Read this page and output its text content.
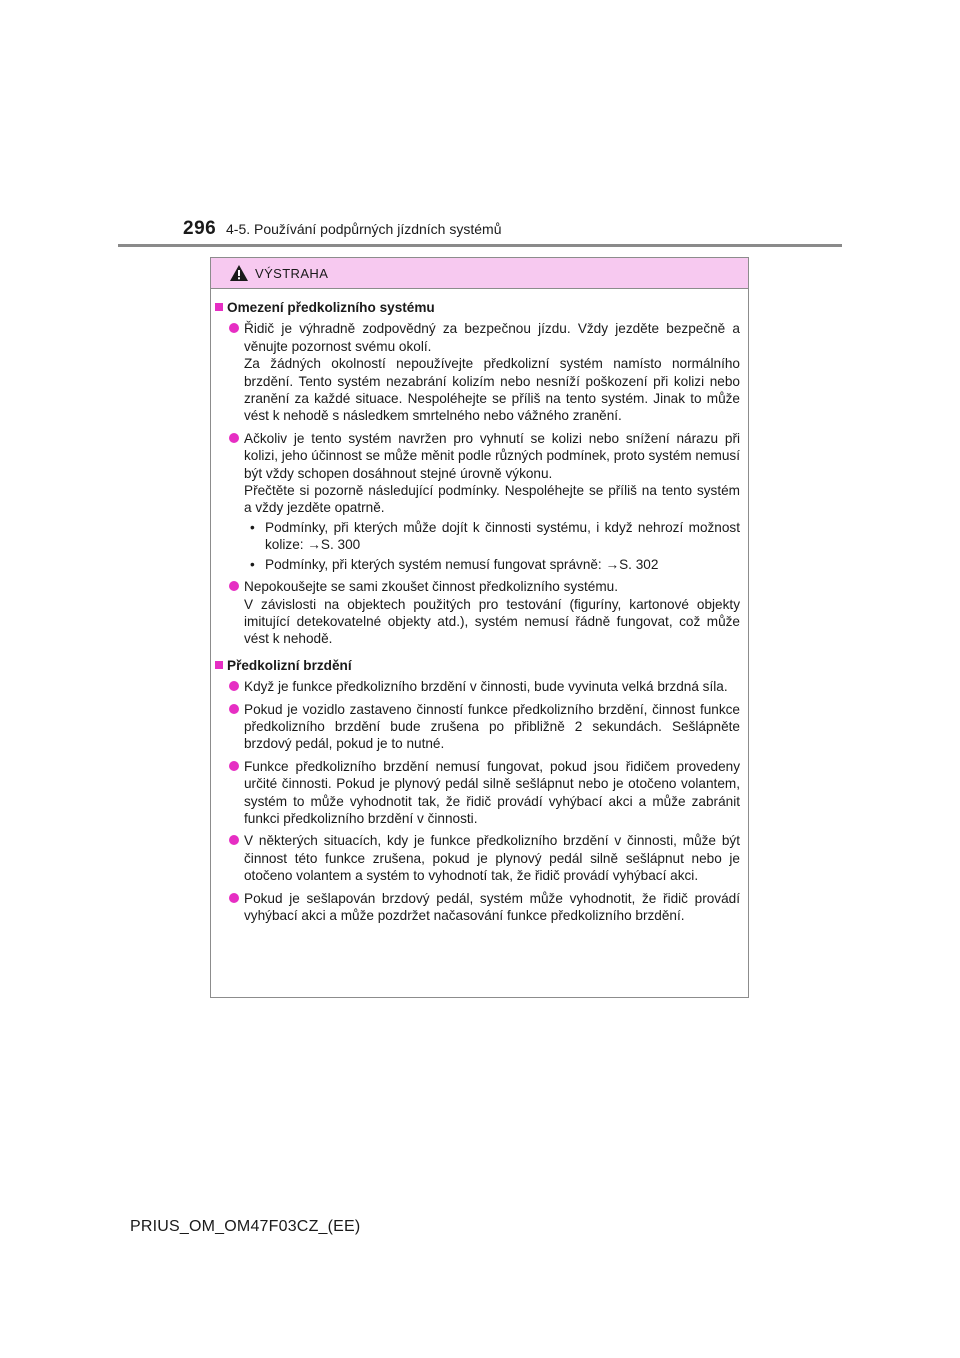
296 4-5. Používání podpůrných jízdních systémů
VÝSTRAHA
Omezení předkolizního systému

Řidič je výhradně zodpovědný za bezpečnou jízdu. Vždy jezděte bezpečně a věnujte pozornost svému okolí.

Za žádných okolností nepoužívejte předkolizní systém namísto normálního brzdění. Tento systém nezabrání kolizím nebo nesníží poškození při kolizi nebo zranění za každé situace. Nespoléhejte se příliš na tento systém. Jinak to může vést k nehodě s následkem smrtelného nebo vážného zranění.

Ačkoliv je tento systém navržen pro vyhnutí se kolizi nebo snížení nárazu při kolizi, jeho účinnost se může měnit podle různých podmínek, proto systém nemusí být vždy schopen dosáhnout stejné úrovně výkonu.

Přečtěte si pozorně následující podmínky. Nespoléhejte se příliš na tento systém a vždy jezděte opatrně.

• Podmínky, při kterých může dojít k činnosti systému, i když nehrozí možnost kolize: →S. 300
• Podmínky, při kterých systém nemusí fungovat správně: →S. 302

Nepokoušejte se sami zkoušet činnost předkolizního systému.

V závislosti na objektech použitých pro testování (figuríny, kartonové objekty imitující detekovatelné objekty atd.), systém nemusí řádně fungovat, což může vést k nehodě.

Předkolizní brzdění

Když je funkce předkolizního brzdění v činnosti, bude vyvinuta velká brzdná síla.

Pokud je vozidlo zastaveno činností funkce předkolizního brzdění, činnost funkce předkolizního brzdění bude zrušena po přibližně 2 sekundách. Sešlápněte brzdový pedál, pokud je to nutné.

Funkce předkolizního brzdění nemusí fungovat, pokud jsou řidičem provedeny určité činnosti. Pokud je plynový pedál silně sešlápnut nebo je otočeno volantem, systém to může vyhodnotit tak, že řidič provádí vyhýbací akci a může zabránit funkci předkolizního brzdění v činnosti.

V některých situacích, kdy je funkce předkolizního brzdění v činnosti, může být činnost této funkce zrušena, pokud je plynový pedál silně sešlápnut nebo je otočeno volantem a systém to vyhodnotí tak, že řidič provádí vyhýbací akci.

Pokud je sešlapován brzdový pedál, systém může vyhodnotit, že řidič provádí vyhýbací akci a může pozdržet načasování funkce předkolizního brzdění.

PRIUS_OM_OM47F03CZ_(EE)
